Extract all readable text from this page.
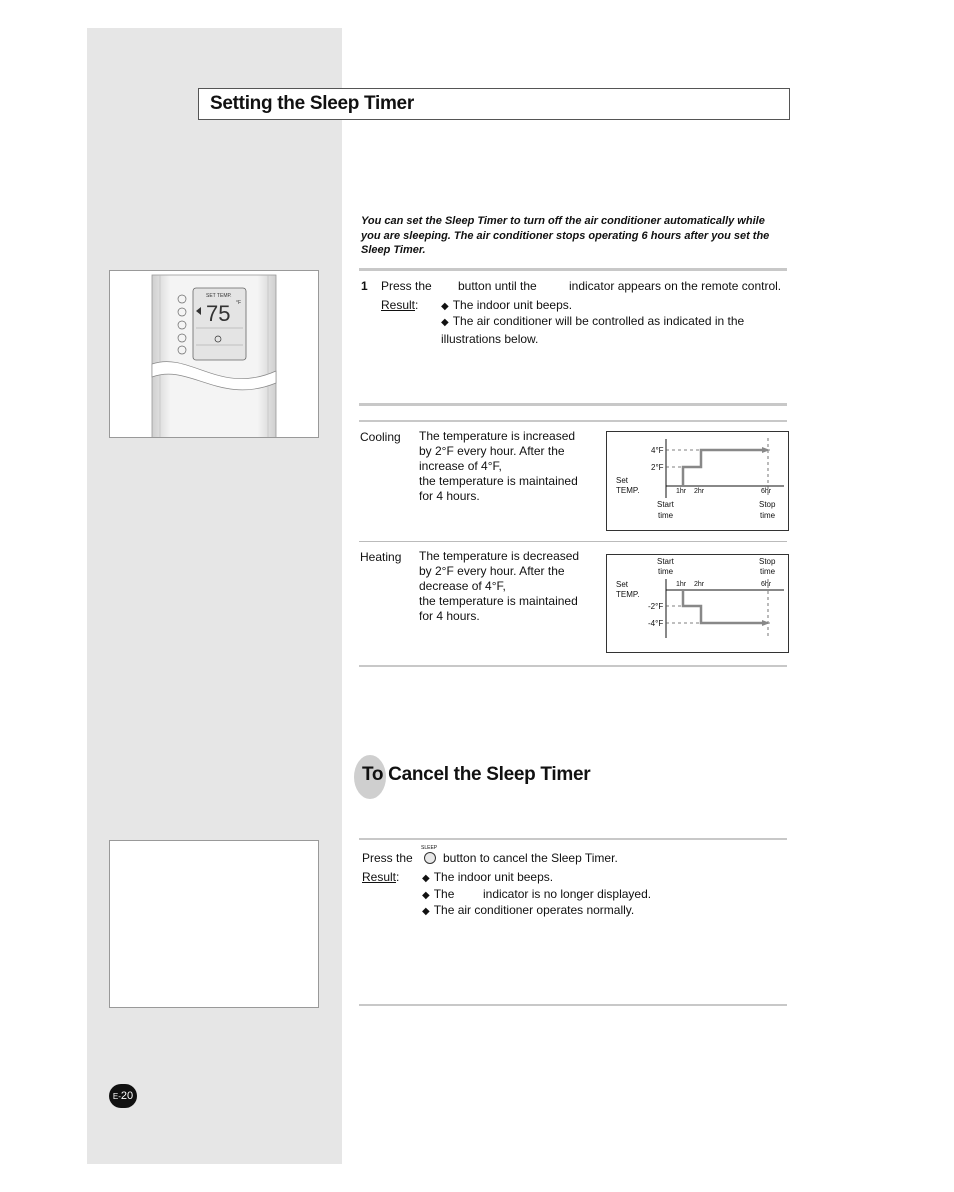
Setting the Sleep Timer
You can set the Sleep Timer to turn off the air conditioner automatically while you are sleeping. The air conditioner stops operating 6 hours after you set the Sleep Timer.
SET TEMP.
75 °F
1 Press the button until the	indicator appears on the remote control.
Result:	◆ The indoor unit beeps.
◆ The air conditioner will be controlled as indicated in the illustrations below.
Cooling The temperature is increased
by 2°F every hour. After the
increase of 4°F,
the temperature is maintained
for 4 hours.
4°F
2°F
Set
TEMP.	1hr 2hr	6hr
Start
time
Stop
time
Heating The temperature is decreased
by 2°F every hour. After the
decrease of 4°F,
the temperature is maintained
for 4 hours.
Start
time
Stop
time
1hr 2hr	6hr
Set
TEMP.
-2°F
-4°F
To Cancel the Sleep Timer
Press the
SLEEP
button to cancel the Sleep Timer.
Result:	◆ The indoor unit beeps.
◆ The indicator is no longer displayed.
◆ The air conditioner operates normally.
E-20
